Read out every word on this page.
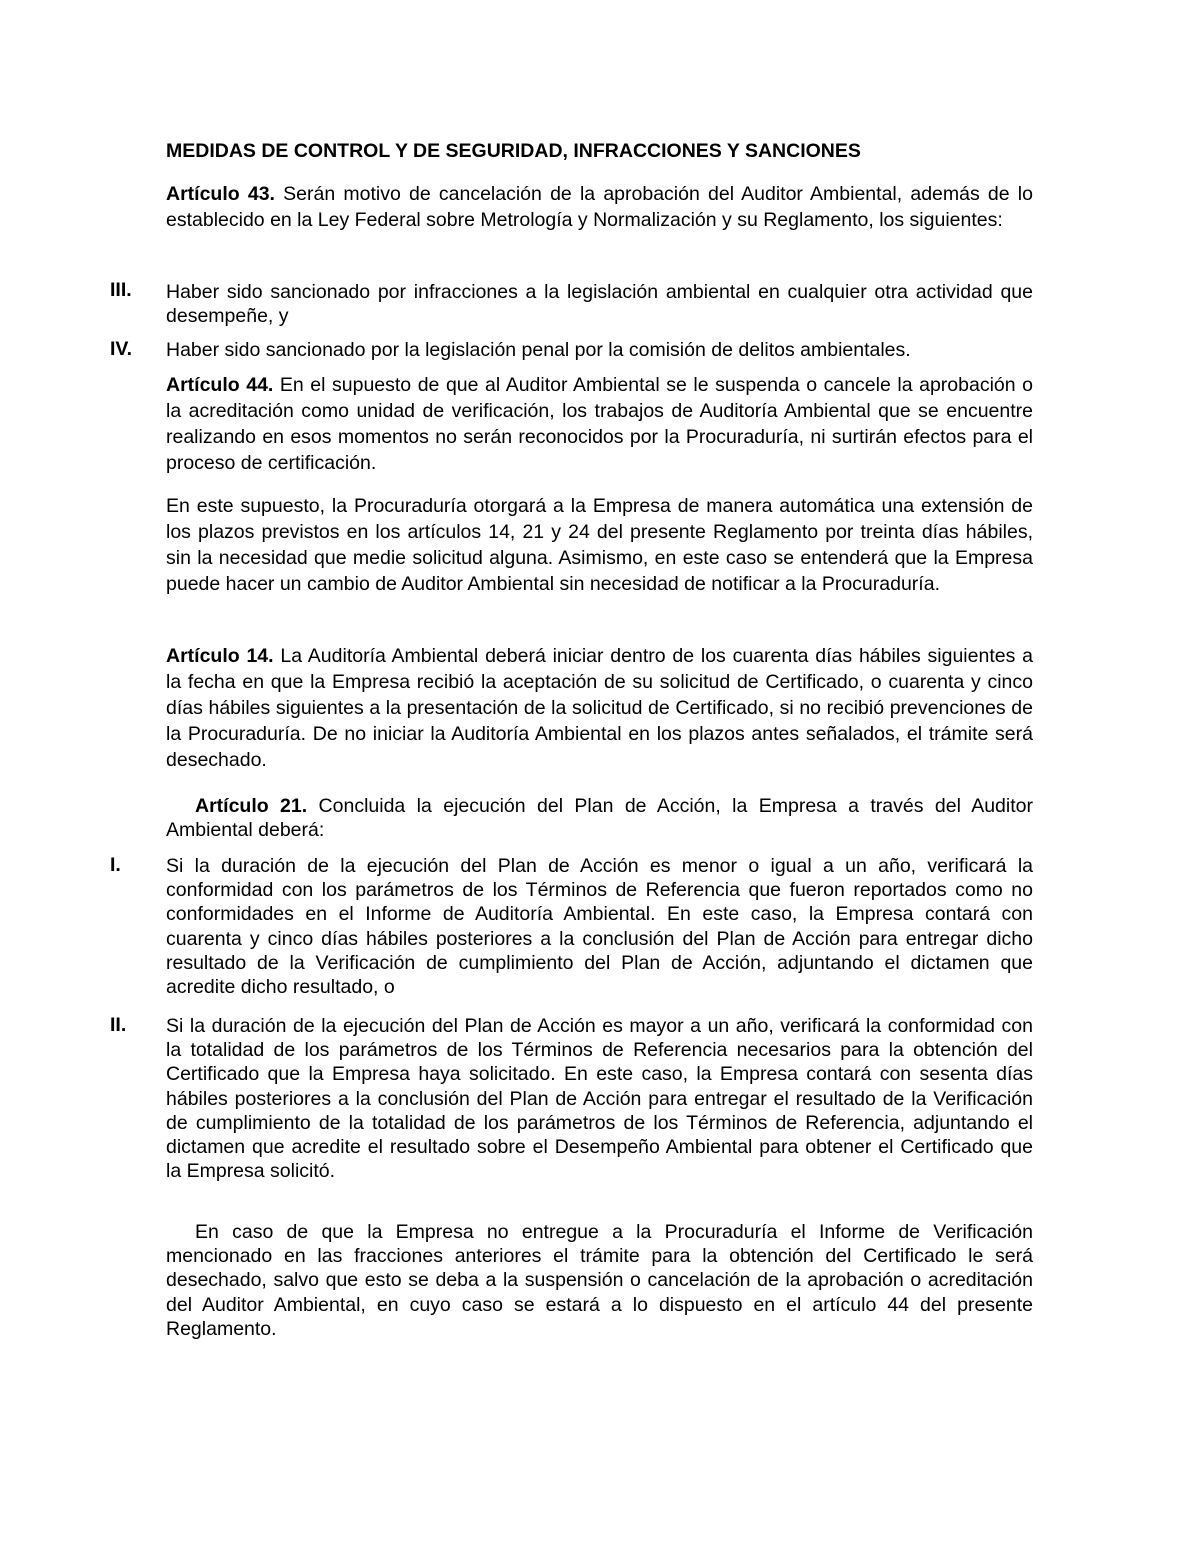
MEDIDAS DE CONTROL Y DE SEGURIDAD, INFRACCIONES Y SANCIONES
Artículo 43. Serán motivo de cancelación de la aprobación del Auditor Ambiental, además de lo establecido en la Ley Federal sobre Metrología y Normalización y su Reglamento, los siguientes:
III. Haber sido sancionado por infracciones a la legislación ambiental en cualquier otra actividad que desempeñe, y
IV. Haber sido sancionado por la legislación penal por la comisión de delitos ambientales.
Artículo 44. En el supuesto de que al Auditor Ambiental se le suspenda o cancele la aprobación o la acreditación como unidad de verificación, los trabajos de Auditoría Ambiental que se encuentre realizando en esos momentos no serán reconocidos por la Procuraduría, ni surtirán efectos para el proceso de certificación.
En este supuesto, la Procuraduría otorgará a la Empresa de manera automática una extensión de los plazos previstos en los artículos 14, 21 y 24 del presente Reglamento por treinta días hábiles, sin la necesidad que medie solicitud alguna. Asimismo, en este caso se entenderá que la Empresa puede hacer un cambio de Auditor Ambiental sin necesidad de notificar a la Procuraduría.
Artículo 14. La Auditoría Ambiental deberá iniciar dentro de los cuarenta días hábiles siguientes a la fecha en que la Empresa recibió la aceptación de su solicitud de Certificado, o cuarenta y cinco días hábiles siguientes a la presentación de la solicitud de Certificado, si no recibió prevenciones de la Procuraduría. De no iniciar la Auditoría Ambiental en los plazos antes señalados, el trámite será desechado.
Artículo 21. Concluida la ejecución del Plan de Acción, la Empresa a través del Auditor Ambiental deberá:
I. Si la duración de la ejecución del Plan de Acción es menor o igual a un año, verificará la conformidad con los parámetros de los Términos de Referencia que fueron reportados como no conformidades en el Informe de Auditoría Ambiental. En este caso, la Empresa contará con cuarenta y cinco días hábiles posteriores a la conclusión del Plan de Acción para entregar dicho resultado de la Verificación de cumplimiento del Plan de Acción, adjuntando el dictamen que acredite dicho resultado, o
II. Si la duración de la ejecución del Plan de Acción es mayor a un año, verificará la conformidad con la totalidad de los parámetros de los Términos de Referencia necesarios para la obtención del Certificado que la Empresa haya solicitado. En este caso, la Empresa contará con sesenta días hábiles posteriores a la conclusión del Plan de Acción para entregar el resultado de la Verificación de cumplimiento de la totalidad de los parámetros de los Términos de Referencia, adjuntando el dictamen que acredite el resultado sobre el Desempeño Ambiental para obtener el Certificado que la Empresa solicitó.
En caso de que la Empresa no entregue a la Procuraduría el Informe de Verificación mencionado en las fracciones anteriores el trámite para la obtención del Certificado le será desechado, salvo que esto se deba a la suspensión o cancelación de la aprobación o acreditación del Auditor Ambiental, en cuyo caso se estará a lo dispuesto en el artículo 44 del presente Reglamento.
